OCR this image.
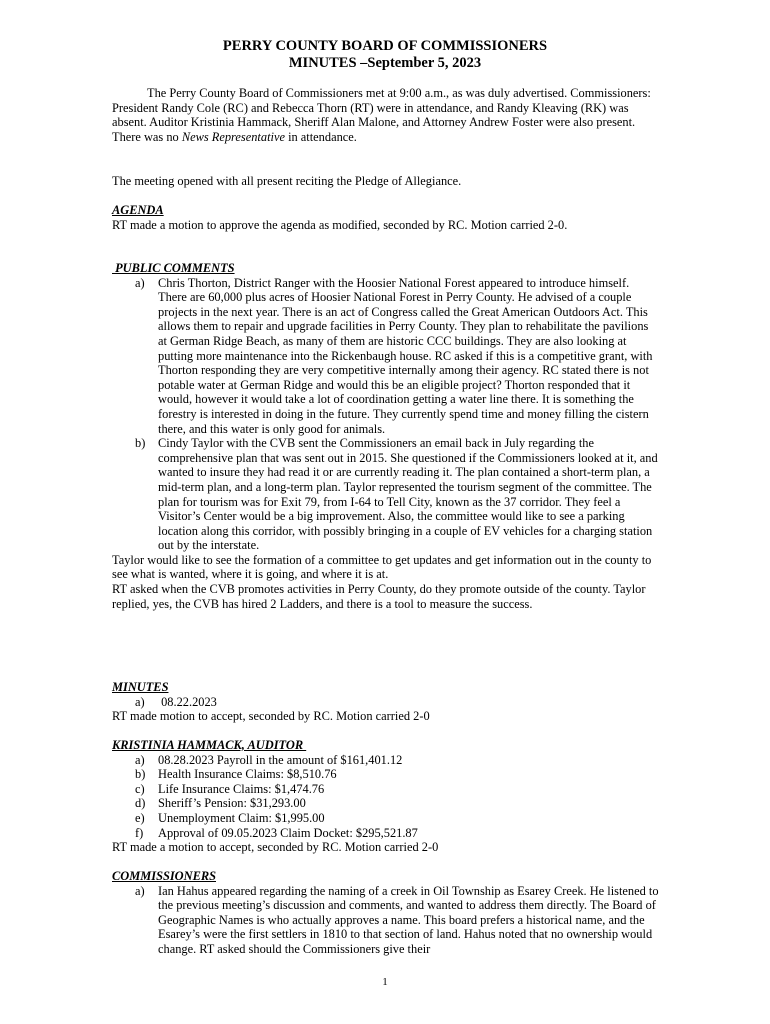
PERRY COUNTY BOARD OF COMMISSIONERS
MINUTES –September 5, 2023

The Perry County Board of Commissioners met at 9:00 a.m., as was duly advertised. Commissioners: President Randy Cole (RC) and Rebecca Thorn (RT) were in attendance, and Randy Kleaving (RK) was absent. Auditor Kristinia Hammack, Sheriff Alan Malone, and Attorney Andrew Foster were also present. There was no News Representative in attendance.

The meeting opened with all present reciting the Pledge of Allegiance.

AGENDA

RT made a motion to approve the agenda as modified, seconded by RC. Motion carried 2-0.

PUBLIC COMMENTS
a) Chris Thorton, District Ranger with the Hoosier National Forest appeared to introduce himself. There are 60,000 plus acres of Hoosier National Forest in Perry County. He advised of a couple projects in the next year. There is an act of Congress called the Great American Outdoors Act. This allows them to repair and upgrade facilities in Perry County. They plan to rehabilitate the pavilions at German Ridge Beach, as many of them are historic CCC buildings. They are also looking at putting more maintenance into the Rickenbaugh house. RC asked if this is a competitive grant, with Thorton responding they are very competitive internally among their agency. RC stated there is not potable water at German Ridge and would this be an eligible project? Thorton responded that it would, however it would take a lot of coordination getting a water line there. It is something the forestry is interested in doing in the future. They currently spend time and money filling the cistern there, and this water is only good for animals.
b) Cindy Taylor with the CVB sent the Commissioners an email back in July regarding the comprehensive plan that was sent out in 2015. She questioned if the Commissioners looked at it, and wanted to insure they had read it or are currently reading it. The plan contained a short-term plan, a mid-term plan, and a long-term plan. Taylor represented the tourism segment of the committee. The plan for tourism was for Exit 79, from I-64 to Tell City, known as the 37 corridor. They feel a Visitor’s Center would be a big improvement. Also, the committee would like to see a parking location along this corridor, with possibly bringing in a couple of EV vehicles for a charging station out by the interstate.

Taylor would like to see the formation of a committee to get updates and get information out in the county to see what is wanted, where it is going, and where it is at.

RT asked when the CVB promotes activities in Perry County, do they promote outside of the county. Taylor replied, yes, the CVB has hired 2 Ladders, and there is a tool to measure the success.

MINUTES
a) 08.22.2023

RT made motion to accept, seconded by RC. Motion carried 2-0

KRISTINIA HAMMACK, AUDITOR
a) 08.28.2023 Payroll in the amount of $161,401.12
b) Health Insurance Claims: $8,510.76
c) Life Insurance Claims: $1,474.76
d) Sheriff’s Pension: $31,293.00
e) Unemployment Claim: $1,995.00
f) Approval of 09.05.2023 Claim Docket: $295,521.87

RT made a motion to accept, seconded by RC. Motion carried 2-0

COMMISSIONERS
a) Ian Hahus appeared regarding the naming of a creek in Oil Township as Esarey Creek. He listened to the previous meeting’s discussion and comments, and wanted to address them directly. The Board of Geographic Names is who actually approves a name. This board prefers a historical name, and the Esarey’s were the first settlers in 1810 to that section of land. Hahus noted that no ownership would change. RT asked should the Commissioners give their
1
